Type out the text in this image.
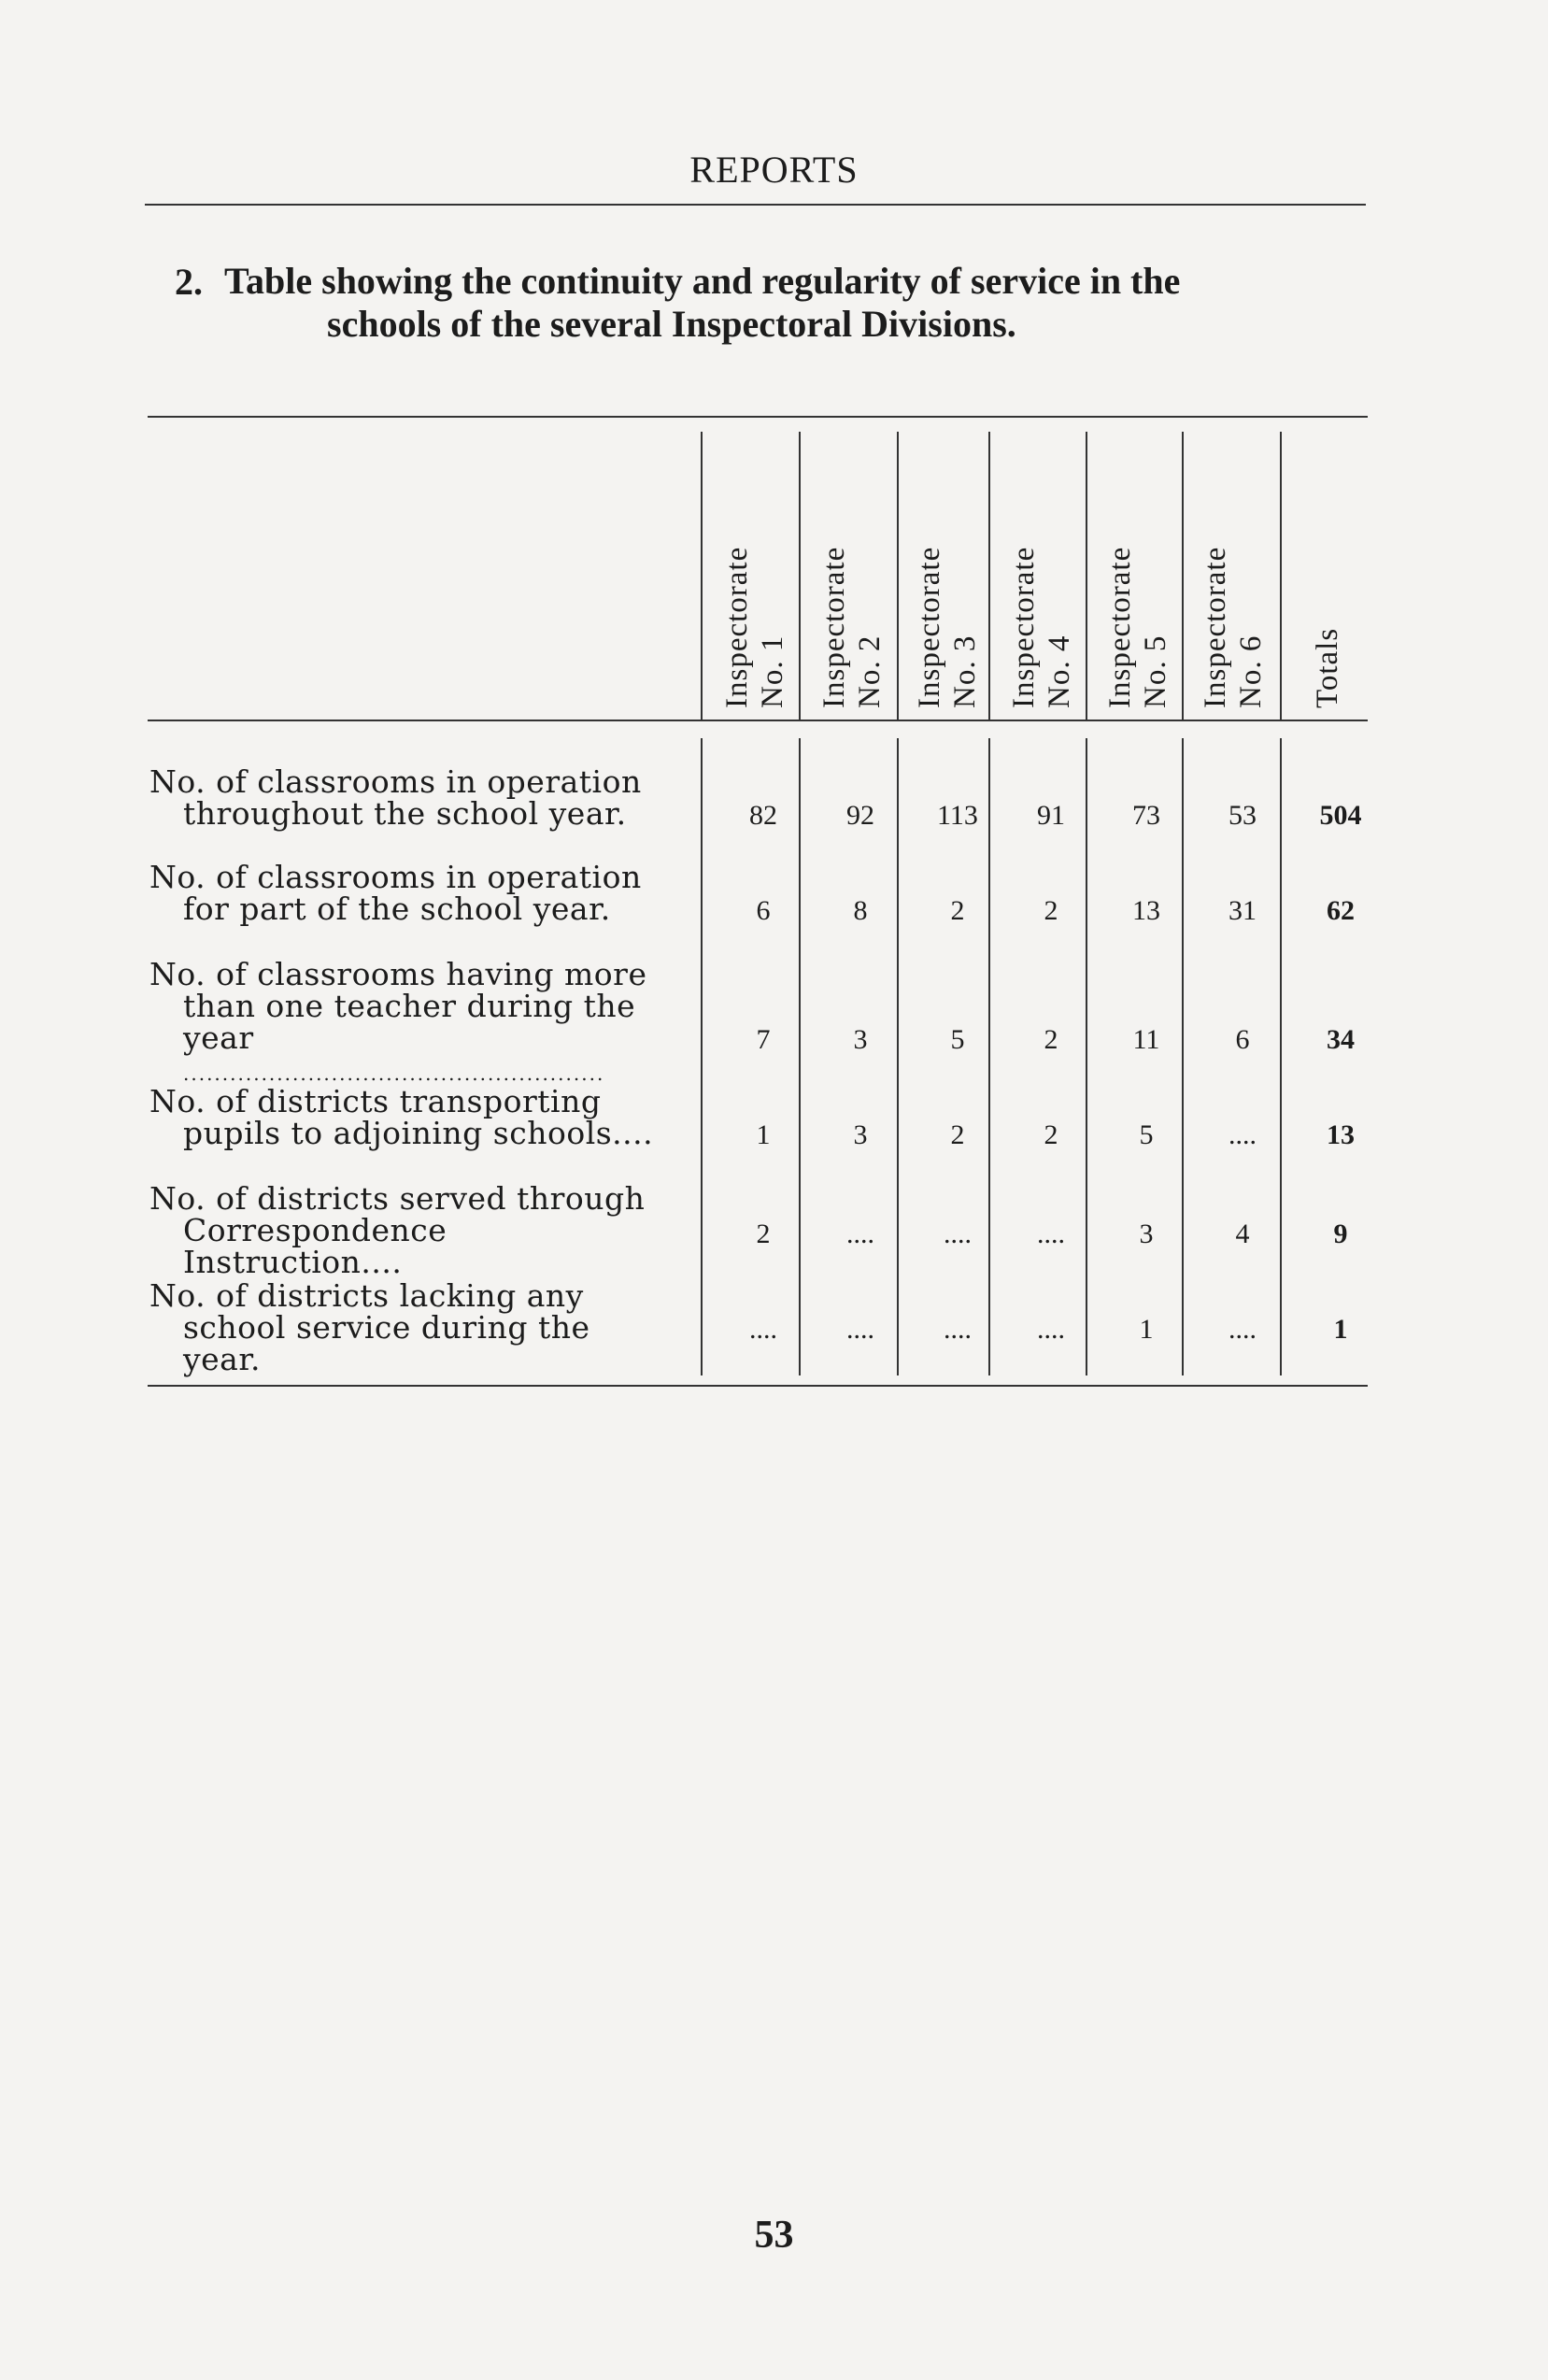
REPORTS
2. Table showing the continuity and regularity of service in the
schools of the several Inspectoral Divisions.
Inspectorate No. 1 Inspectorate No. 2 Inspectorate No. 3 Inspectorate No. 4 Inspectorate No. 5 Inspectorate No. 6 Totals
No. of classrooms in operation
throughout the school year.	82	92	113	91	73	53	504
No. of classrooms in operation
for part of the school year.	6	8	2	2	13	31	62
No. of classrooms having more
than one teacher during the
year ......................................................
7	3	5	2	11	6	34
No. of districts transporting
pupils to adjoining schools....	1	3	2	2	5	....	13
No. of districts served through
Correspondence Instruction....
2	....	....	....	3	4	9
No. of districts lacking any
school service during the year.
....	....	....	....	1	....	1
53
